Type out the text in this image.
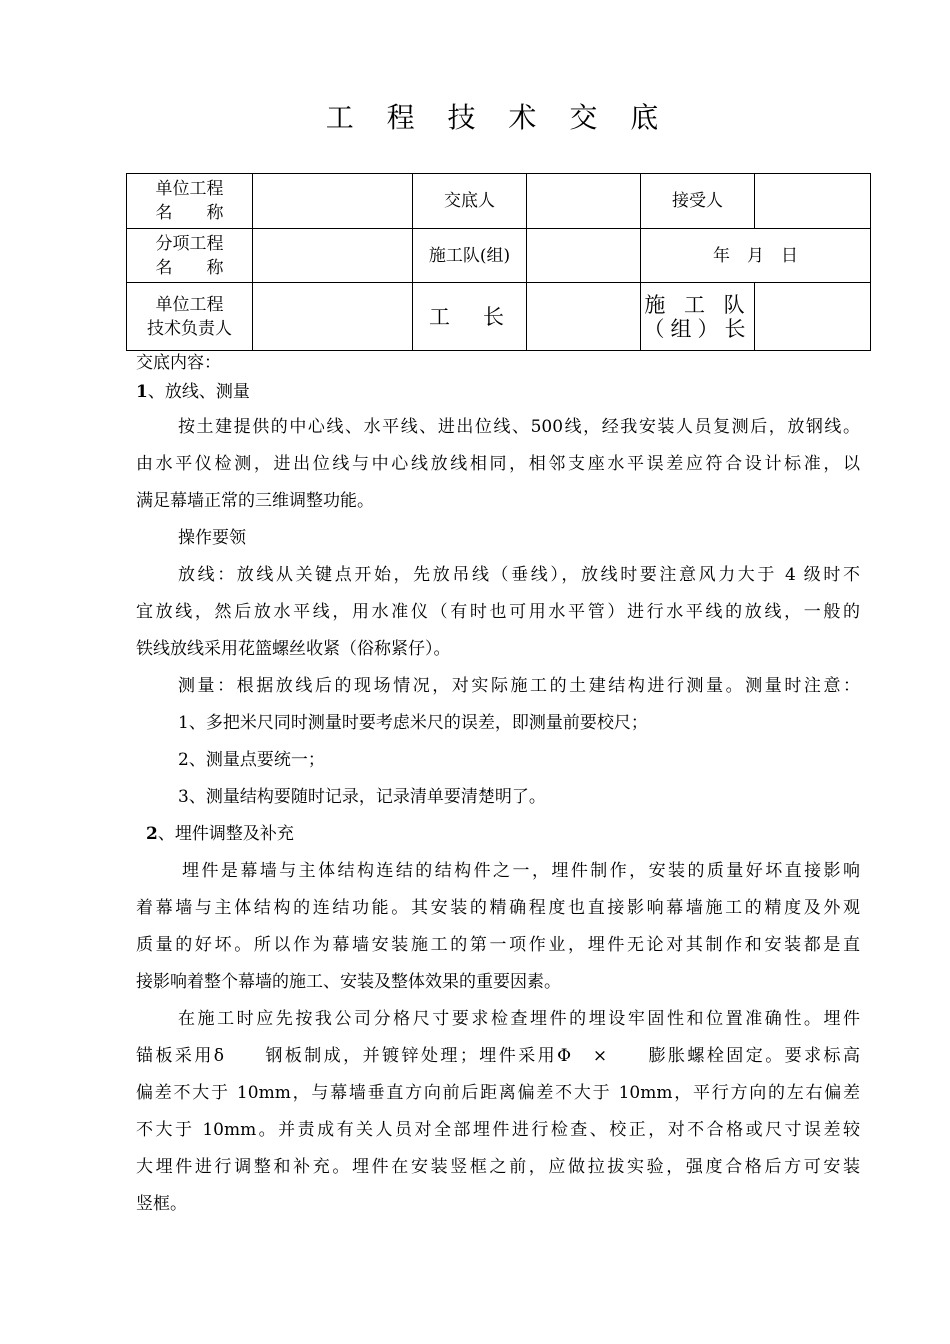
工 程 技 术 交 底
单位工程
名　　称		交底人		接受人	

分项工程
名　　称		施工队(组)		年　月　日	

单位工程
技术负责人		工　长		施 工 队
（组）长	

交底内容：
1、放线、测量
按土建提供的中心线、水平线、进出位线、500线，经我安装人员复测后，放钢线。
由水平仪检测，进出位线与中心线放线相同，相邻支座水平误差应符合设计标准，以
满足幕墙正常的三维调整功能。
操作要领
放线：放线从关键点开始，先放吊线（垂线），放线时要注意风力大于 4 级时不
宜放线，然后放水平线，用水准仪（有时也可用水平管）进行水平线的放线，一般的
铁线放线采用花篮螺丝收紧（俗称紧仔）。
测量：根据放线后的现场情况，对实际施工的土建结构进行测量。测量时注意：
1、多把米尺同时测量时要考虑米尺的误差，即测量前要校尺；
2、测量点要统一；
3、测量结构要随时记录，记录清单要清楚明了。
2、埋件调整及补充
埋件是幕墙与主体结构连结的结构件之一，埋件制作，安装的质量好坏直接影响
着幕墙与主体结构的连结功能。其安装的精确程度也直接影响幕墙施工的精度及外观
质量的好坏。所以作为幕墙安装施工的第一项作业，埋件无论对其制作和安装都是直
接影响着整个幕墙的施工、安装及整体效果的重要因素。
在施工时应先按我公司分格尺寸要求检查埋件的埋设牢固性和位置准确性。埋件
锚板采用δ　　钢板制成，并镀锌处理；埋件采用Φ　×　　膨胀螺栓固定。要求标高
偏差不大于 10mm，与幕墙垂直方向前后距离偏差不大于 10mm，平行方向的左右偏差
不大于 10mm。并责成有关人员对全部埋件进行检查、校正，对不合格或尺寸误差较
大埋件进行调整和补充。埋件在安装竖框之前，应做拉拔实验，强度合格后方可安装
竖框。
